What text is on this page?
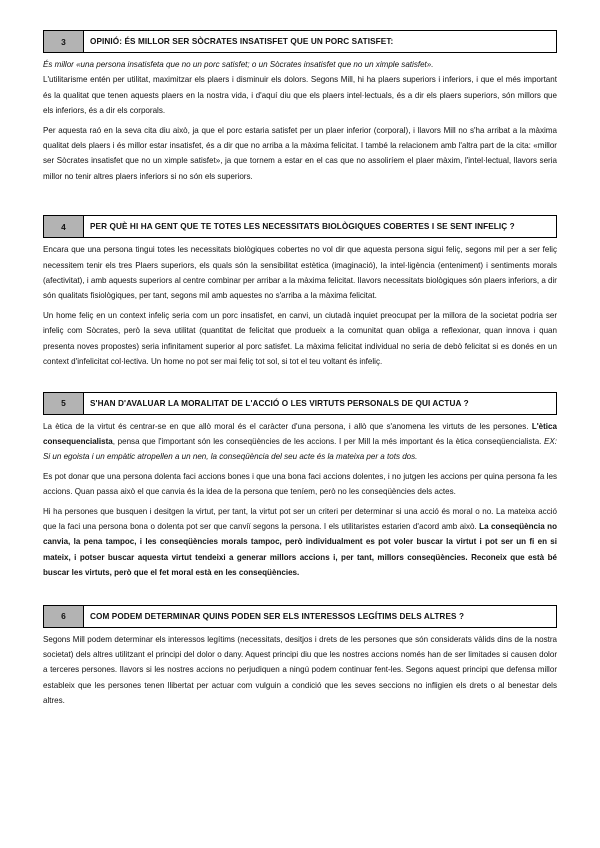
3	OPINIÓ: ÉS MILLOR SER SÒCRATES INSATISFET QUE UN PORC SATISFET:

És millor «una persona insatisfeta que no un porc satisfet; o un Sòcrates insatisfet que no un ximple satisfet».

L'utilitarisme entén per utilitat, maximitzar els plaers i disminuir els dolors. Segons Mill, hi ha plaers superiors i inferiors, i que el més important és la qualitat que tenen aquests plaers en la nostra vida, i d'aquí diu que els plaers intel·lectuals, és a dir els plaers superiors, són millors que els inferiors, és a dir els corporals.

Per aquesta raó en la seva cita diu això, ja que el porc estaria satisfet per un plaer inferior (corporal), i llavors Mill no s'ha arribat a la màxima qualitat dels plaers i és millor estar insatisfet, és a dir que no arriba a la màxima felicitat. I també la relacionem amb l'altra part de la cita: «millor ser Sòcrates insatisfet que no un ximple satisfet», ja que tornem a estar en el cas que no assoliríem el plaer màxim, l'intel·lectual, llavors seria millor no tenir altres plaers inferiors si no són els superiors.

4	PER QUÈ HI HA GENT QUE TE TOTES LES NECESSITATS BIOLÒGIQUES COBERTES I SE SENT INFELIÇ ?

Encara que una persona tingui totes les necessitats biològiques cobertes no vol dir que aquesta persona sigui feliç, segons mil per a ser feliç necessitem tenir els tres Plaers superiors, els quals són la sensibilitat estètica (imaginació), la intel·ligència (enteniment) i sentiments morals (afectivitat), i amb aquests superiors al centre combinar per arribar a la màxima felicitat. Ilavors necessitats biològiques són plaers inferiors, a dir són qualitats fisiològiques, per tant, segons mil amb aquestes no s'arriba a la màxima felicitat.

Un home feliç en un context infeliç seria com un porc insatisfet, en canvi, un ciutadà inquiet preocupat per la millora de la societat podria ser infeliç com Sòcrates, però la seva utilitat (quantitat de felicitat que produeix a la comunitat quan obliga a reflexionar, quan innova i quan presenta noves propostes) seria infinitament superior al porc satisfet. La màxima felicitat individual no seria de debò felicitat si es donés en un context d'infelicitat col·lectiva. Un home no pot ser mai feliç tot sol, si tot el teu voltant és infeliç.

5	S'HAN D'AVALUAR LA MORALITAT DE L'ACCIÓ O LES VIRTUTS PERSONALS DE QUI ACTUA ?

La ètica de la virtut és centrar-se en que allò moral és el caràcter d'una persona, i allò que s'anomena les virtuts de les persones. L'ètica consequencialista, pensa que l'important són les conseqüències de les accions. I per Mill la més important és la ètica conseqüencialista. EX: Si un egoista i un empàtic atropellen a un nen, la conseqüència del seu acte és la mateixa per a tots dos.

Es pot donar que una persona dolenta faci accions bones i que una bona faci accions dolentes, i no jutgen les accions per quina persona fa les accions. Quan passa això el que canvia és la idea de la persona que teníem, però no les conseqüències dels actes.

Hi ha persones que busquen i desitgen la virtut, per tant, la virtut pot ser un criteri per determinar si una acció és moral o no. La mateixa acció que la faci una persona bona o dolenta pot ser que canviï segons la persona. I els utilitaristes estarien d'acord amb això. La conseqüència no canvia, la pena tampoc, i les conseqüències morals tampoc, però individualment es pot voler buscar la virtut i pot ser un fi en si mateix, i potser buscar aquesta virtut tendeixi a generar millors accions i, per tant, millors conseqüències. Reconeix que està bé buscar les virtuts, però que el fet moral està en les conseqüències.

6	COM PODEM DETERMINAR QUINS PODEN SER ELS INTERESSOS LEGÍTIMS DELS ALTRES ?

Segons Mill podem determinar els interessos legítims (necessitats, desitjos i drets de les persones que són considerats vàlids dins de la nostra societat) dels altres utilitzant el principi del dolor o dany. Aquest principi diu que les nostres accions només han de ser limitades si causen dolor a terceres persones. Ilavors si les nostres accions no perjudiquen a ningú podem continuar fent-les. Segons aquest principi que defensa millor estableix que les persones tenen llibertat per actuar com vulguin a condició que les seves seccions no infligien els drets o al benestar dels altres.
